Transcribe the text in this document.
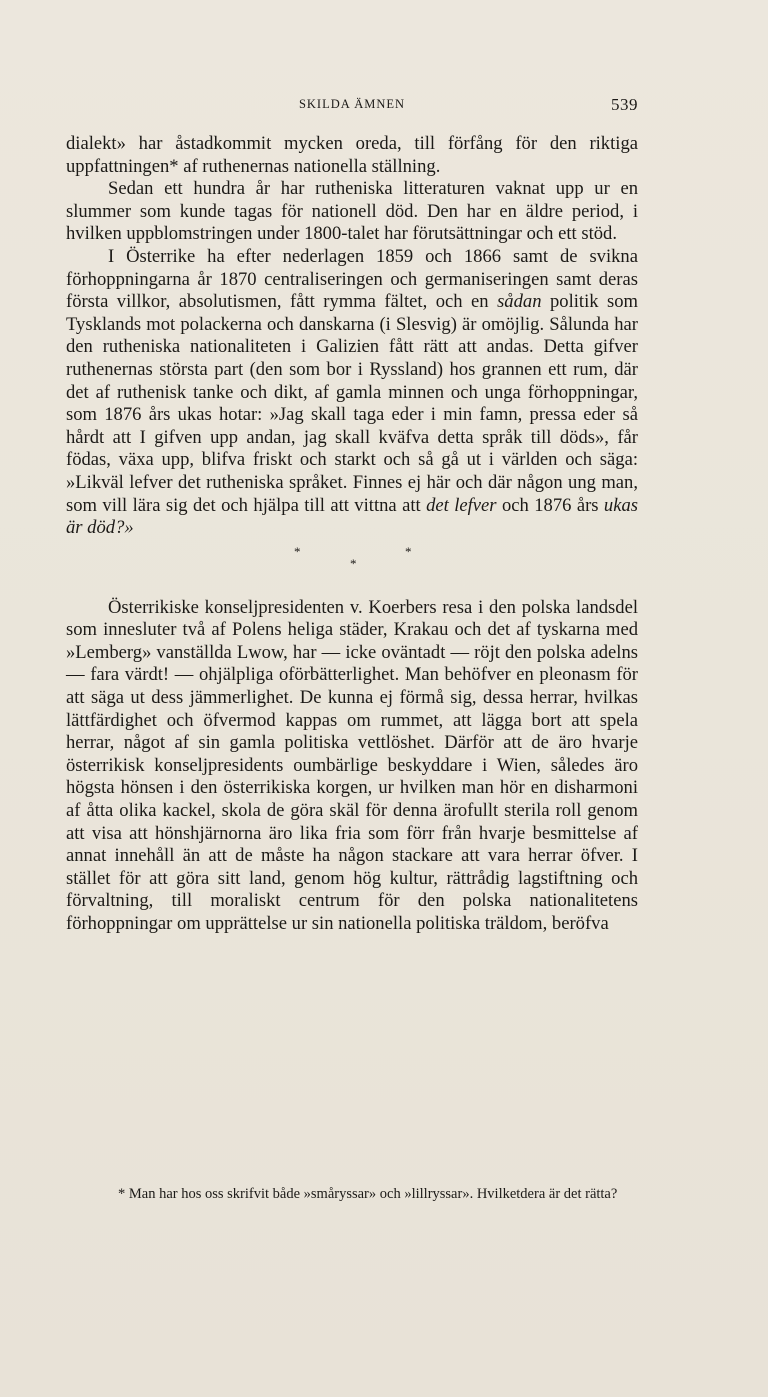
SKILDA ÄMNEN	539

dialekt» har åstadkommit mycken oreda, till förfång för den riktiga uppfattningen* af ruthenernas nationella ställning.

Sedan ett hundra år har rutheniska litteraturen vaknat upp ur en slummer som kunde tagas för nationell död. Den har en äldre period, i hvilken uppblomstringen under 1800-talet har förutsättningar och ett stöd.

I Österrike ha efter nederlagen 1859 och 1866 samt de svikna förhoppningarna år 1870 centraliseringen och germaniseringen samt deras första villkor, absolutismen, fått rymma fältet, och en sådan politik som Tysklands mot polackerna och danskarna (i Slesvig) är omöjlig. Sålunda har den rutheniska nationaliteten i Galizien fått rätt att andas. Detta gifver ruthenernas största part (den som bor i Ryssland) hos grannen ett rum, där det af ruthenisk tanke och dikt, af gamla minnen och unga förhoppningar, som 1876 års ukas hotar: »Jag skall taga eder i min famn, pressa eder så hårdt att I gifven upp andan, jag skall kväfva detta språk till döds», får födas, växa upp, blifva friskt och starkt och så gå ut i världen och säga: »Likväl lefver det rutheniska språket. Finnes ej här och där någon ung man, som vill lära sig det och hjälpa till att vittna att det lefver och 1876 års ukas är död?»

*
*
*

Österrikiske konseljpresidenten v. Koerbers resa i den polska landsdel som innesluter två af Polens heliga städer, Krakau och det af tyskarna med »Lemberg» vanställda Lwow, har — icke oväntadt — röjt den polska adelns — fara värdt! — ohjälpliga oförbätterlighet. Man behöfver en pleonasm för att säga ut dess jämmerlighet. De kunna ej förmå sig, dessa herrar, hvilkas lättfärdighet och öfvermod kappas om rummet, att lägga bort att spela herrar, något af sin gamla politiska vettlöshet. Därför att de äro hvarje österrikisk konseljpresidents oumbärlige beskyddare i Wien, således äro högsta hönsen i den österrikiska korgen, ur hvilken man hör en disharmoni af åtta olika kackel, skola de göra skäl för denna ärofullt sterila roll genom att visa att hönshjärnorna äro lika fria som förr från hvarje besmittelse af annat innehåll än att de måste ha någon stackare att vara herrar öfver. I stället för att göra sitt land, genom hög kultur, rättrådig lagstiftning och förvaltning, till moraliskt centrum för den polska nationalitetens förhoppningar om upprättelse ur sin nationella politiska träldom, beröfva

* Man har hos oss skrifvit både »småryssar» och »lillryssar». Hvilketdera är det rätta?
